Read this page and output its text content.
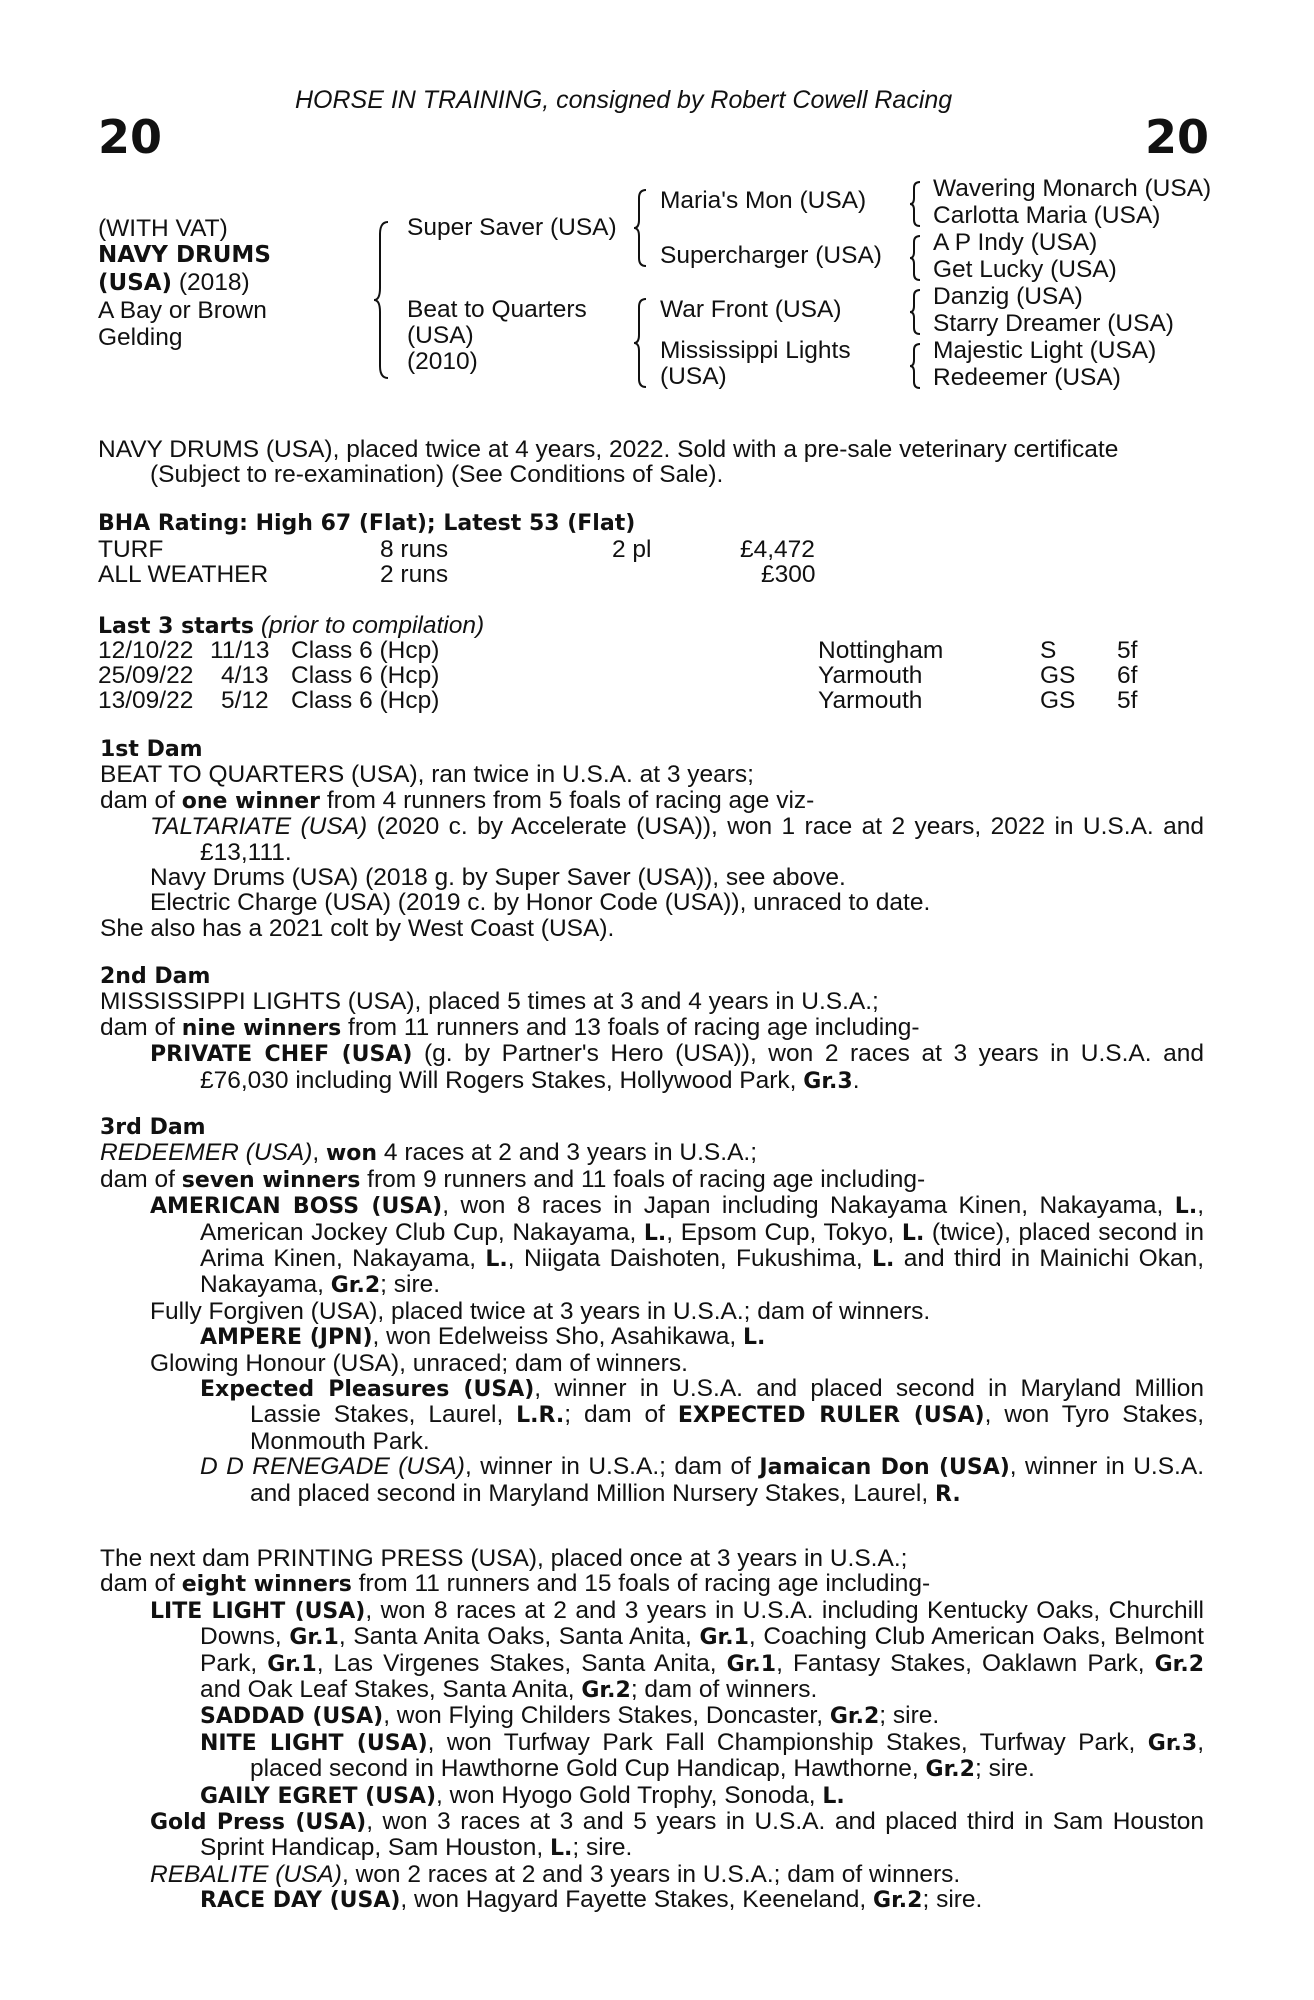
HORSE IN TRAINING, consigned by Robert Cowell Racing
20	20
(WITH VAT)
NAVY DRUMS
(USA) (2018)
A Bay or Brown
Gelding
Super Saver (USA)
Beat to Quarters
(USA)
(2010)
Maria's Mon (USA)
Supercharger (USA)
War Front (USA)
Mississippi Lights
(USA)
Wavering Monarch (USA)
Carlotta Maria (USA)
A P Indy (USA)
Get Lucky (USA)
Danzig (USA)
Starry Dreamer (USA)
Majestic Light (USA)
Redeemer (USA)
NAVY DRUMS (USA), placed twice at 4 years, 2022. Sold with a pre-sale veterinary certificate
(Subject to re-examination) (See Conditions of Sale).
BHA Rating: High 67 (Flat); Latest 53 (Flat)
TURF	8 runs	2 pl	£4,472
ALL WEATHER	2 runs	£300
Last 3 starts (prior to compilation)
12/10/22 11/13 Class 6 (Hcp)	Nottingham	S 5f
25/09/22 4/13 Class 6 (Hcp)	Yarmouth	GS 6f
13/09/22 5/12 Class 6 (Hcp)	Yarmouth	GS 5f

1st Dam

BEAT TO QUARTERS (USA), ran twice in U.S.A. at 3 years;

dam of one winner from 4 runners from 5 foals of racing age viz-

TALTARIATE (USA) (2020 c. by Accelerate (USA)), won 1 race at 2 years, 2022 in U.S.A. and £13,111.

Navy Drums (USA) (2018 g. by Super Saver (USA)), see above.

Electric Charge (USA) (2019 c. by Honor Code (USA)), unraced to date.

She also has a 2021 colt by West Coast (USA).

2nd Dam

MISSISSIPPI LIGHTS (USA), placed 5 times at 3 and 4 years in U.S.A.;

dam of nine winners from 11 runners and 13 foals of racing age including-

PRIVATE CHEF (USA) (g. by Partner's Hero (USA)), won 2 races at 3 years in U.S.A. and £76,030 including Will Rogers Stakes, Hollywood Park, Gr.3.

3rd Dam

REDEEMER (USA), won 4 races at 2 and 3 years in U.S.A.;

dam of seven winners from 9 runners and 11 foals of racing age including-

AMERICAN BOSS (USA), won 8 races in Japan including Nakayama Kinen, Nakayama, L., American Jockey Club Cup, Nakayama, L., Epsom Cup, Tokyo, L. (twice), placed second in Arima Kinen, Nakayama, L., Niigata Daishoten, Fukushima, L. and third in Mainichi Okan, Nakayama, Gr.2; sire.

Fully Forgiven (USA), placed twice at 3 years in U.S.A.; dam of winners.

AMPERE (JPN), won Edelweiss Sho, Asahikawa, L.

Glowing Honour (USA), unraced; dam of winners.

Expected Pleasures (USA), winner in U.S.A. and placed second in Maryland Million Lassie Stakes, Laurel, L.R.; dam of EXPECTED RULER (USA), won Tyro Stakes, Monmouth Park.

D D RENEGADE (USA), winner in U.S.A.; dam of Jamaican Don (USA), winner in U.S.A. and placed second in Maryland Million Nursery Stakes, Laurel, R.

The next dam PRINTING PRESS (USA), placed once at 3 years in U.S.A.;

dam of eight winners from 11 runners and 15 foals of racing age including-

LITE LIGHT (USA), won 8 races at 2 and 3 years in U.S.A. including Kentucky Oaks, Churchill Downs, Gr.1, Santa Anita Oaks, Santa Anita, Gr.1, Coaching Club American Oaks, Belmont Park, Gr.1, Las Virgenes Stakes, Santa Anita, Gr.1, Fantasy Stakes, Oaklawn Park, Gr.2 and Oak Leaf Stakes, Santa Anita, Gr.2; dam of winners.

SADDAD (USA), won Flying Childers Stakes, Doncaster, Gr.2; sire.

NITE LIGHT (USA), won Turfway Park Fall Championship Stakes, Turfway Park, Gr.3, placed second in Hawthorne Gold Cup Handicap, Hawthorne, Gr.2; sire.

GAILY EGRET (USA), won Hyogo Gold Trophy, Sonoda, L.

Gold Press (USA), won 3 races at 3 and 5 years in U.S.A. and placed third in Sam Houston Sprint Handicap, Sam Houston, L.; sire.

REBALITE (USA), won 2 races at 2 and 3 years in U.S.A.; dam of winners.

RACE DAY (USA), won Hagyard Fayette Stakes, Keeneland, Gr.2; sire.
